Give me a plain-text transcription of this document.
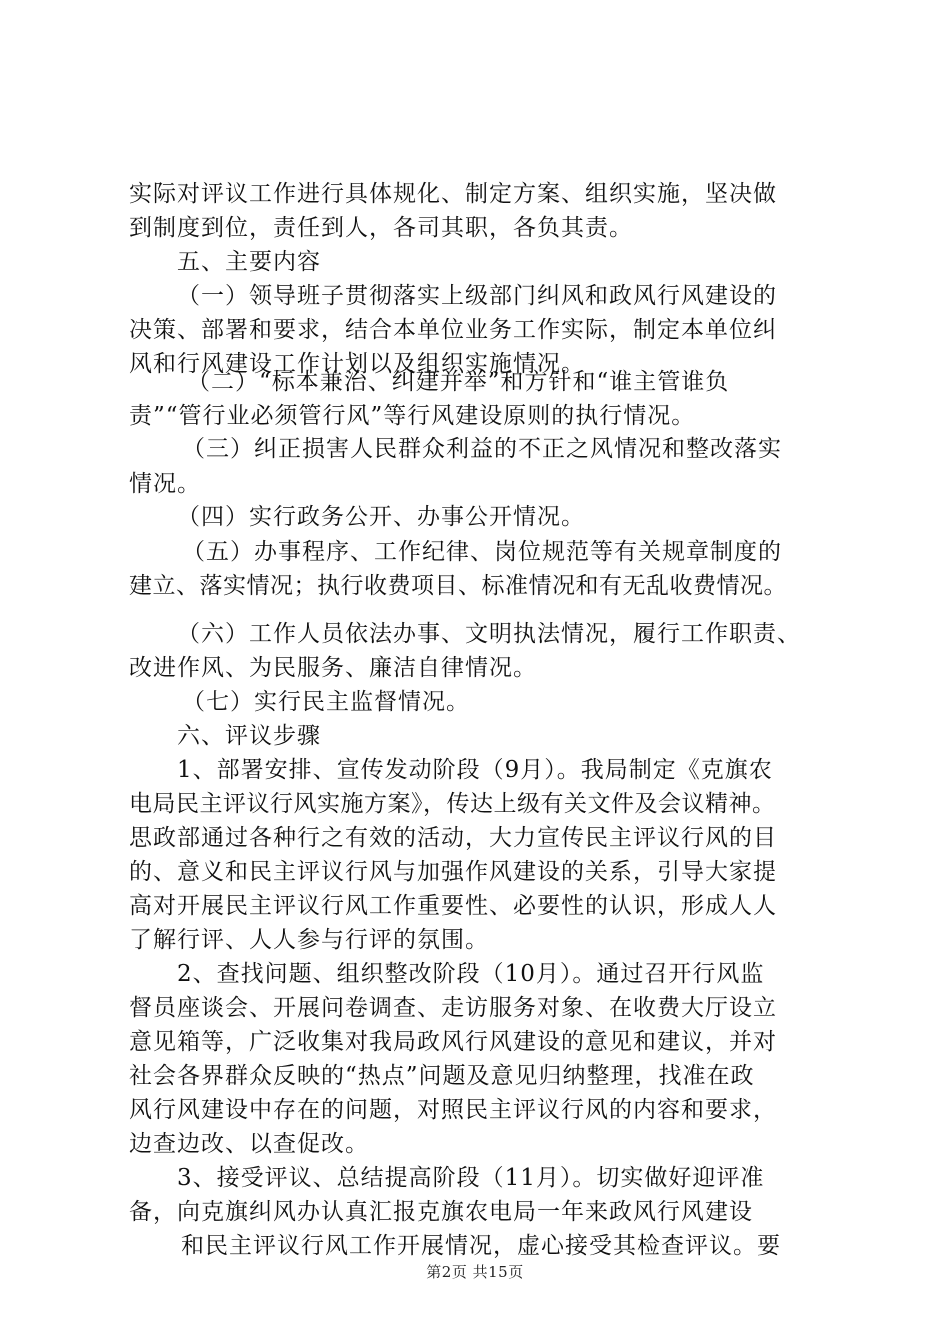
实际对评议工作进行具体规化、制定方案、组织实施，坚决做
到制度到位，责任到人，各司其职，各负其责。
五、主要内容
（一）领导班子贯彻落实上级部门纠风和政风行风建设的
决策、部署和要求，结合本单位业务工作实际，制定本单位纠
风和行风建设工作计划以及组织实施情况。
（二）“标本兼治、纠建并举”和方针和“谁主管谁负
责”“管行业必须管行风”等行风建设原则的执行情况。
（三）纠正损害人民群众利益的不正之风情况和整改落实
情况。
（四）实行政务公开、办事公开情况。
（五）办事程序、工作纪律、岗位规范等有关规章制度的
建立、落实情况；执行收费项目、标准情况和有无乱收费情况。
（六）工作人员依法办事、文明执法情况，履行工作职责、
改进作风、为民服务、廉洁自律情况。
（七）实行民主监督情况。
六、评议步骤
1、部署安排、宣传发动阶段（9月）。我局制定《克旗农
电局民主评议行风实施方案》，传达上级有关文件及会议精神。
思政部通过各种行之有效的活动，大力宣传民主评议行风的目
的、意义和民主评议行风与加强作风建设的关系，引导大家提
高对开展民主评议行风工作重要性、必要性的认识，形成人人
了解行评、人人参与行评的氛围。
2、查找问题、组织整改阶段（10月）。通过召开行风监
督员座谈会、开展问卷调查、走访服务对象、在收费大厅设立
意见箱等，广泛收集对我局政风行风建设的意见和建议，并对
社会各界群众反映的“热点”问题及意见归纳整理，找准在政
风行风建设中存在的问题，对照民主评议行风的内容和要求，
边查边改、以查促改。
3、接受评议、总结提高阶段（11月）。切实做好迎评准
备，向克旗纠风办认真汇报克旗农电局一年来政风行风建设
和民主评议行风工作开展情况，虚心接受其检查评议。要
第2页 共15页
